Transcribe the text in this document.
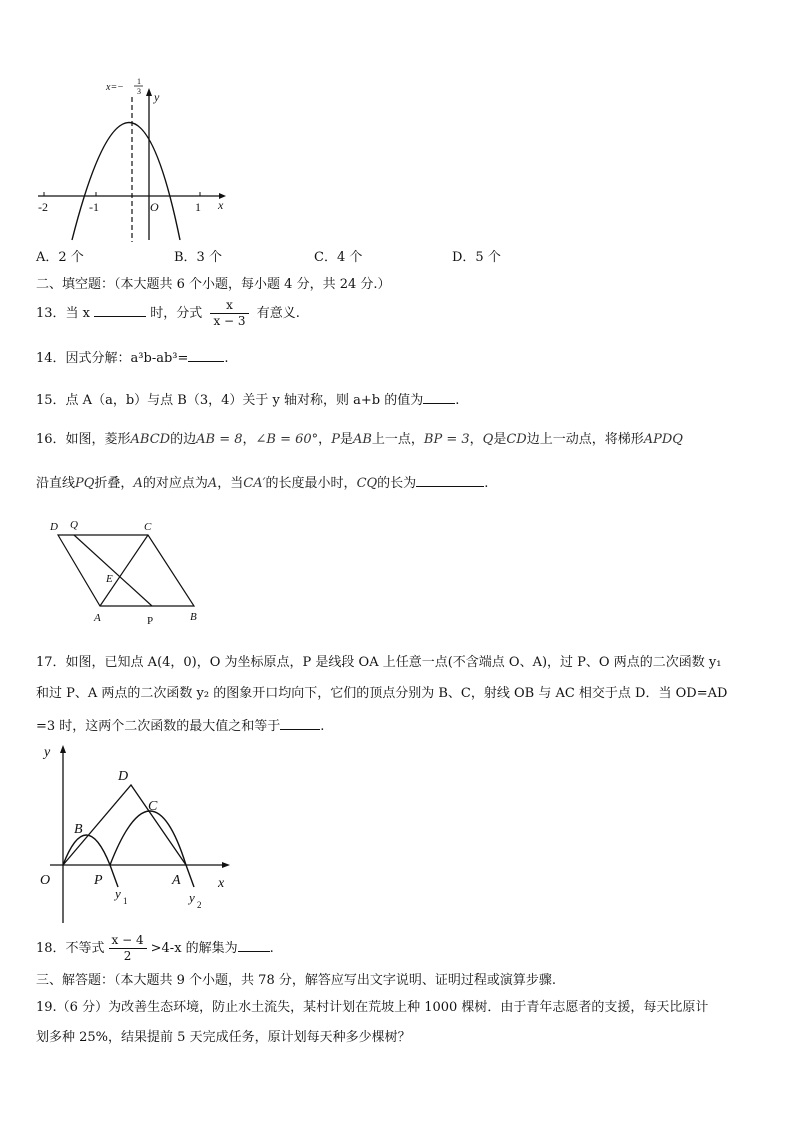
x=−
1
3 y
x
O
-2	-1	1
A．2 个	B．3 个	C．4 个	D．5 个
二、填空题：（本大题共 6 个小题，每小题 4 分，共 24 分.）
13．当 x	时，分式 $\frac{x}{x - 3}$ 有意义.
14．因式分解：a³b-ab³=	.
15．点 A（a，b）与点 B（3，4）关于 y 轴对称，则 a+b 的值为 .
16．如图，菱形ABCD的边AB = 8，∠B = 60°，P是AB上一点，BP = 3，Q是CD边上一动点，将梯形APDQ
沿直线PQ折叠，A的对应点为A，当CA′的长度最小时，CQ的长为	.
D Q	C
E
A	P	B
17．如图，已知点 A(4，0)，O 为坐标原点，P 是线段 OA 上任意一点(不含端点 O、A)，过 P、O 两点的二次函数 y₁
和过 P、A 两点的二次函数 y₂ 的图象开口均向下，它们的顶点分别为 B、C，射线 OB 与 AC 相交于点 D．当 OD=AD
=3 时，这两个二次函数的最大值之和等于	.
y
x
O	P	A
B
C
D
y 1	y 2
18．不等式 $\frac{x - 4}{2} >4-x$ 的解集为 .
三、解答题：（本大题共 9 个小题，共 78 分，解答应写出文字说明、证明过程或演算步骤.
19.（6 分）为改善生态环境，防止水土流失，某村计划在荒坡上种 1000 棵树．由于青年志愿者的支援，每天比原计
划多种 25%，结果提前 5 天完成任务，原计划每天种多少棵树？
